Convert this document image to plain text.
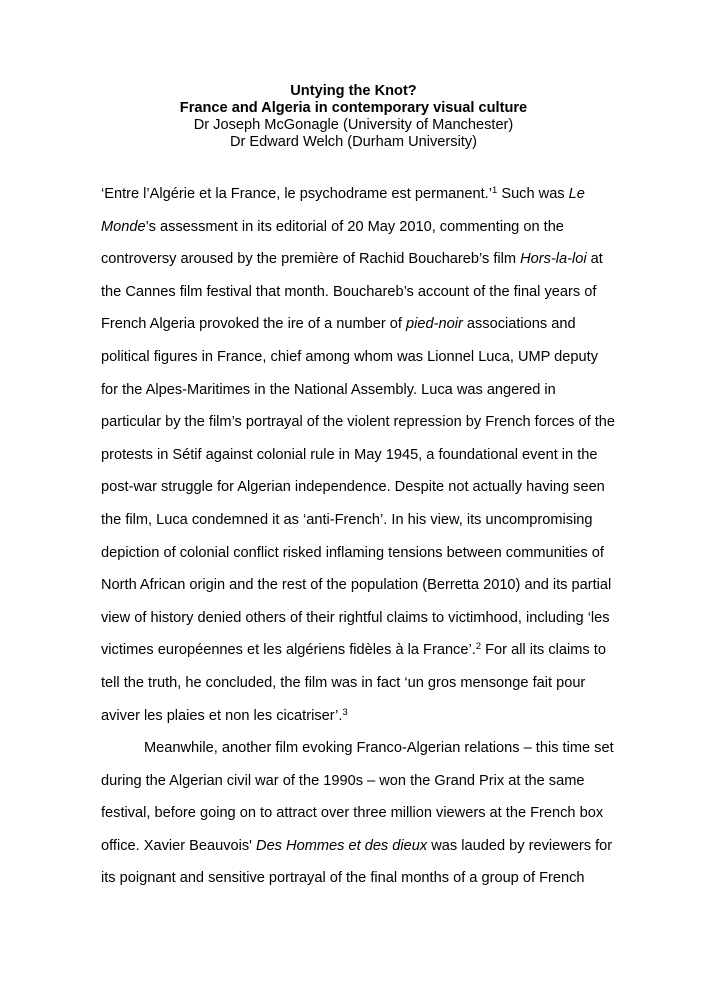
Untying the Knot?
France and Algeria in contemporary visual culture
Dr Joseph McGonagle (University of Manchester)
Dr Edward Welch (Durham University)

‘Entre l’Algérie et la France, le psychodrame est permanent.’$^1$ Such was Le

Monde’s assessment in its editorial of 20 May 2010, commenting on the

controversy aroused by the première of Rachid Bouchareb’s film Hors-la-loi at

the Cannes film festival that month. Bouchareb’s account of the final years of

French Algeria provoked the ire of a number of pied-noir associations and

political figures in France, chief among whom was Lionnel Luca, UMP deputy

for the Alpes-Maritimes in the National Assembly. Luca was angered in

particular by the film’s portrayal of the violent repression by French forces of the

protests in Sétif against colonial rule in May 1945, a foundational event in the

post-war struggle for Algerian independence. Despite not actually having seen

the film, Luca condemned it as ‘anti-French’. In his view, its uncompromising

depiction of colonial conflict risked inflaming tensions between communities of

North African origin and the rest of the population (Berretta 2010) and its partial

view of history denied others of their rightful claims to victimhood, including ‘les

victimes européennes et les algériens fidèles à la France’.$^2$ For all its claims to

tell the truth, he concluded, the film was in fact ‘un gros mensonge fait pour

aviver les plaies et non les cicatriser’.$^3$

Meanwhile, another film evoking Franco-Algerian relations – this time set

during the Algerian civil war of the 1990s – won the Grand Prix at the same

festival, before going on to attract over three million viewers at the French box

office. Xavier Beauvois' Des Hommes et des dieux was lauded by reviewers for

its poignant and sensitive portrayal of the final months of a group of French
